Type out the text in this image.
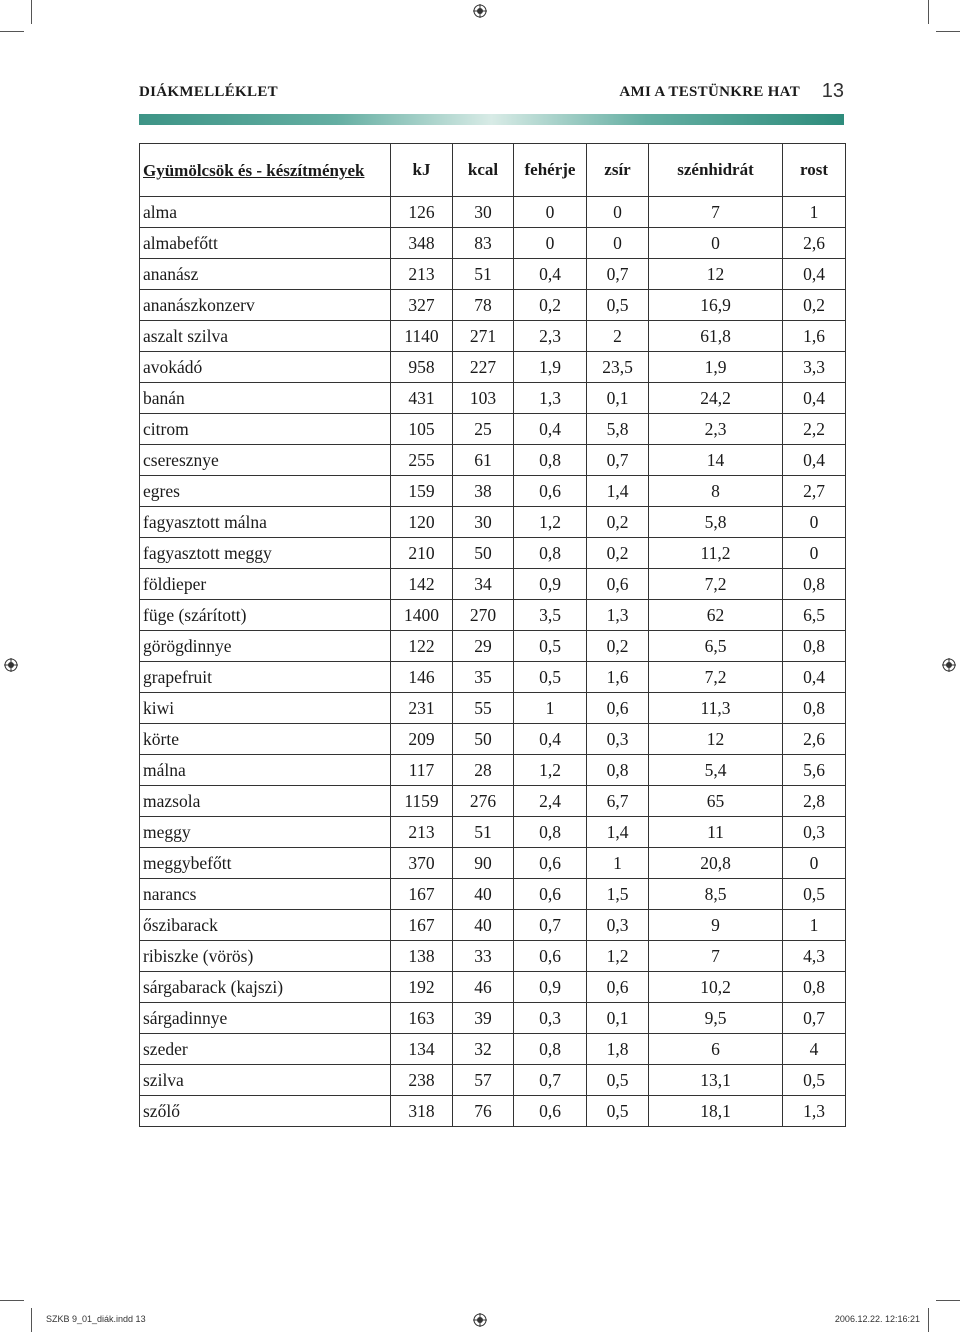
DIÁKMELLÉKLET	AMI A TESTÜNKRE HAT 13
Gyümölcsök és - készítmények	kJ	kcal	fehérje	zsír	szénhidrát	rost
alma	126	30	0	0	7	1
almabefőtt	348	83	0	0	0	2,6
ananász	213	51	0,4	0,7	12	0,4
ananászkonzerv	327	78	0,2	0,5	16,9	0,2
aszalt szilva	1140	271	2,3	2	61,8	1,6
avokádó	958	227	1,9	23,5	1,9	3,3
banán	431	103	1,3	0,1	24,2	0,4
citrom	105	25	0,4	5,8	2,3	2,2
cseresznye	255	61	0,8	0,7	14	0,4
egres	159	38	0,6	1,4	8	2,7
fagyasztott málna	120	30	1,2	0,2	5,8	0
fagyasztott meggy	210	50	0,8	0,2	11,2	0
földieper	142	34	0,9	0,6	7,2	0,8
füge (szárított)	1400	270	3,5	1,3	62	6,5
görögdinnye	122	29	0,5	0,2	6,5	0,8
grapefruit	146	35	0,5	1,6	7,2	0,4
kiwi	231	55	1	0,6	11,3	0,8
körte	209	50	0,4	0,3	12	2,6
málna	117	28	1,2	0,8	5,4	5,6
mazsola	1159	276	2,4	6,7	65	2,8
meggy	213	51	0,8	1,4	11	0,3
meggybefőtt	370	90	0,6	1	20,8	0
narancs	167	40	0,6	1,5	8,5	0,5
őszibarack	167	40	0,7	0,3	9	1
ribiszke (vörös)	138	33	0,6	1,2	7	4,3
sárgabarack (kajszi)	192	46	0,9	0,6	10,2	0,8
sárgadinnye	163	39	0,3	0,1	9,5	0,7
szeder	134	32	0,8	1,8	6	4
szilva	238	57	0,7	0,5	13,1	0,5
szőlő	318	76	0,6	0,5	18,1	1,3
SZKB 9_01_diák.indd 13	2006.12.22. 12:16:21
